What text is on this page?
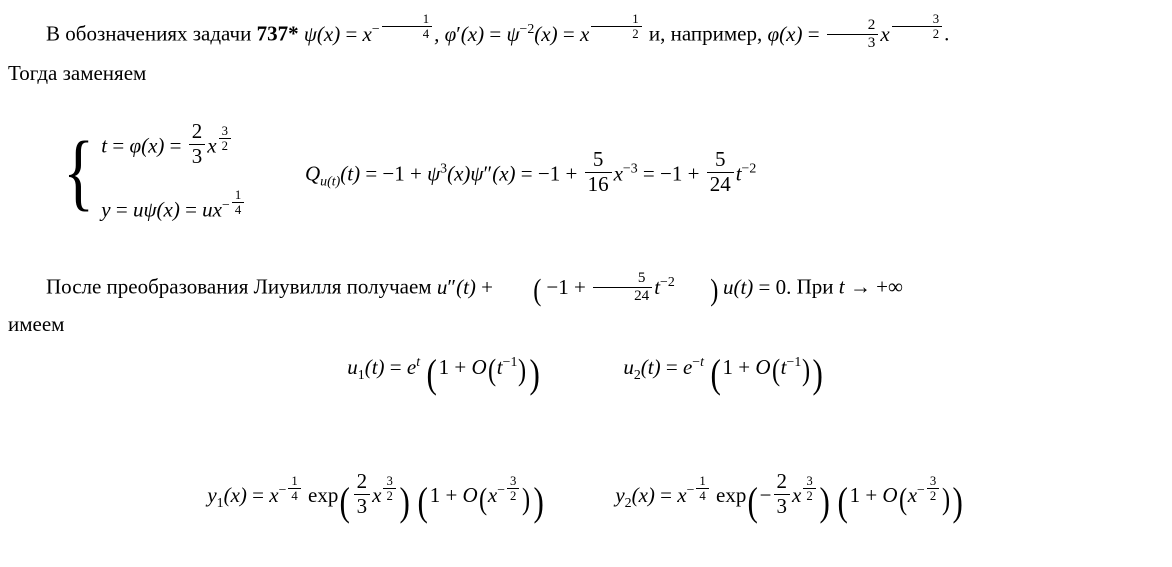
В обозначениях задачи 737* $\psi(x) = x^{- \frac{1}{4}}$ , $\varphi'(x) = \psi^{-2}(x) = x$ $^{\frac{1}{2}}$ и, например, $\varphi(x) = \frac{2}{3}$ x $^{\frac{3}{2}}$ .
Тогда заменяем
{ $t = \varphi(x) = \frac{2}{3}$ x $^{\frac{3}{2}}$
$y = u\psi(x) = ux^{- \frac{1}{4}}$
$Q_{u(t)}(t) = -1 + \psi^3(x)\psi''(x) = -1 + \frac{5}{16} x^{-3} = -1 + \frac{5}{24} t^{-2}$
После преобразования Лиувилля получаем u″(t) + ( $-1 + \frac{5}{24} t^{-2}$ ) u(t) = 0. При t → +∞
имеем
$u_1(t) = e^t$ $(1 + O(t^{-1}))$	$u_2(t) = e^{-t}$ $(1 + O(t^{-1}))$
$y_1(x) = x^{- \frac{1}{4}}$ $\exp( \frac{2}{3}$ x $^{\frac{3}{2}}$ ) ($1 + O(x^{- \frac{3}{2}}$ ))	$y_2(x) = x^{- \frac{1}{4}}$ $\exp(- \frac{2}{3}$ x $^{\frac{3}{2}}$ ) ($1 + O(x^{- \frac{3}{2}}$ ))
